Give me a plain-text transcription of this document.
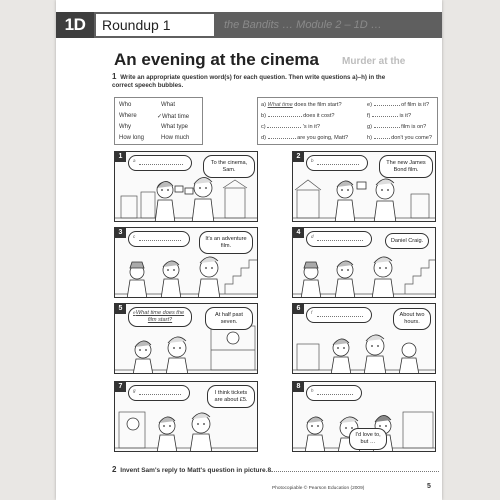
1D	Roundup 1	the Bandits … Module 2 – 1D …
Murder at the
An evening at the cinema
1 Write an appropriate question word(s) for each question. Then write questions a)–h) in the correct speech bubbles.
Who	What
Where	✓What time
Why	What type
How long	How much
a) What time does the film start?
b)	does it cost?
c)	's in it?
d)	are you going, Matt?
e)	of film is it?
f)	is it?
g)	film is on?
h)	don't you come?
1
a	To the cinema, Sam.
2
b	The new James Bond film.
3
c	It's an adventure film.
4
d
Daniel Craig.
5
e What time does the film start?
At half past seven.
6
f	About two hours.
7
g	I think tickets are about £5.
8
h
I'd love to, but …
2 Invent Sam's reply to Matt's question in picture 8.
Photocopiable © Pearson Education (2009)	5
